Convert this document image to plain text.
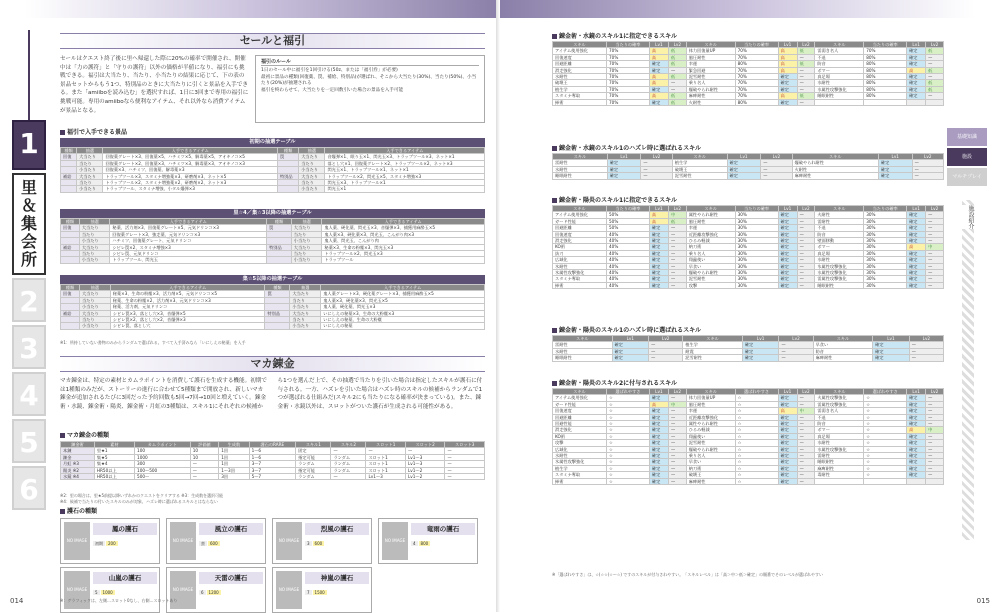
1
里＆集会所
2
3
4
5
6
セールと福引
セールはクエスト終了後に里へ帰還した際に20%の確率で開催され、開催中は「力の護符」と「守りの護符」以外の価格が半値になり、福引にも挑戦できる。福引は大当たり、当たり、小当たりの結果に応じて、下の表の景品セットからもう1つ、特別品のときに大当たりに引くと景品を入手できる。また「amiiboを読み込む」を選択すれば、1日に3回まで専用の福引に挑戦可能。専用のamiiboなら便利なアイテム、それ以外なら消費アイテムが景品となる。
福引のルール
1日のセール中に福引を1回引ける(50z、または「福引券」が必要)
最初に景品の種類(回復薬、罠、補給、特別品)が選ばれ、そこから大当たり(30%)、当たり(50%)、小当たり(20%)が抽選される
福引を終わらせて、大当たりを一定回数引いた場合の景品を入手可能
福引で入手できる景品
初期の抽選テーブル
種類	抽選	入手できるアイテム	種類	抽選	入手できるアイテム
回復	大当たり	回復薬グレート×3、回復薬×5、ハチミツ×5、解毒薬×5、アオキノコ×5	罠	大当たり	音爆弾×1、眠り玉×1、閃光玉×3、トラップツール×3、ネット×1
	当たり	回復薬グレート×2、回復薬×3、ハチミツ×3、解毒薬×3、アオキノコ×3		当たり	落とし穴×1、回復薬グレート×2、トラップツール×2、ネット×3
	小当たり	回復薬×3、ハチミツ、回復薬、解毒薬×3		小当たり	閃光玉×1、トラップツール×1、ネット×1
補給	大当たり	トラップツール×3、スタミナ増強薬×3、研磨剤×3、ネット×5	特別品	大当たり	トラップツール×2、閃光玉×5、スタミナ増強×3
	当たり	トラップツール×2、スタミナ増強薬×2、研磨剤×2、ネット×3		当たり	閃光玉×3、トラップツール×1
	小当たり	トラップツール、スタミナ増強、小タル爆弾×3		小当たり	閃光玉×1
里☆4／集☆3以降の抽選テーブル
種類	抽選	入手できるアイテム	種類	抽選	入手できるアイテム
回復	大当たり	秘薬、活力剤×3、回復薬グレート×5、元気ドリンコ×3	罠	大当たり	鬼人薬、硬化薬、閃光玉×3、音爆弾×3、捕獲用麻酔玉×5
	当たり	回復薬グレート×3、強走薬、元気ドリンコ×3		当たり	鬼人薬×3、硬化薬×3、閃光玉、こんがり肉×3
	小当たり	ハチミツ、回復薬グレート、元気ドリンコ		小当たり	鬼人薬、閃光玉、こんがり肉
補給	大当たり	シビレ罠×2、スタミナ増強×3	特別品	大当たり	秘薬×3、生命の粉塵×3、閃光玉×3
	当たり	シビレ罠、元気ドリンコ		当たり	トラップツール×2、閃光玉×3
	小当たり	トラップツール、閃光玉		小当たり	トラップツール
集☆5以降の抽選テーブル
種類	抽選	入手できるアイテム	種類	抽選	入手できるアイテム
回復	大当たり	秘薬×3、生命の粉塵×3、活力剤×5、元気ドリンコ×5	罠	大当たり	鬼人薬グレート×3、硬化薬グレート×3、捕獲用麻酔玉×5
	当たり	秘薬、生命の粉塵×2、活力剤×3、元気ドリンコ×3		当たり	鬼人薬×3、硬化薬×3、閃光玉×5
	小当たり	秘薬、活力剤、元気ドリンコ		小当たり	鬼人薬、硬化薬、閃光玉×3
補給	大当たり	シビレ罠×3、落とし穴×3、音爆弾×5	特別品	大当たり	いにしえの秘薬×3、生命の大粉塵×3
	当たり	シビレ罠×2、落とし穴×2、音爆弾×3		当たり	いにしえの秘薬、生命の大粉塵
	小当たり	シビレ罠、落とし穴		小当たり	いにしえの秘薬
※1：所持していない書物のみからランダムで選ばれる。すべて入手済みなら「いにしえの秘薬」を入手
マカ錬金
マカ錬金は、特定の素材とカムラポイントを消費して護石を生成する機能。初期では1種類のみだが、ストーリーの進行に合わせて5種類まで開放され、新しいマカ錬金が追加されるたびに3回だった予約回数も5回→7回→10回と増えていく。錬金術・水鏡、錬金術・陽炎、錬金術・月虹の3種類は、スキル1にそれぞれの候補から1つを選んだ上で、その抽選で当たりを引いた場合は指定したスキルが護石に付与される。一方、ハズレを引いた場合はハズレ時のスキルの候補からランダムで1つが選ばれる仕組みだ(スキル2にも当たりになる確率が決まっている)。また、錬金術・水鏡以外は、スロットがついた護石が生成される可能性がある。
マカ錬金の種類
錬金術	素材	カムラポイント	評価値	生成数	護石のRARE	スキル1	スキル2	スロット1	スロット2	スロット3
本錬	里★1	100	10	1回	1〜6	固定	—	—	—	—
錬金	集★5	1000	10	1回	1〜6	指定可能	ランダム	スロット1	Lv1〜3	—
月虹 ※3	集★4	300	—	1回	3〜7	ランダム	ランダム	スロット1	Lv1〜3	—
陽炎 ※2	HR50以上	100〜500	—	1〜3回	3〜7	指定可能	ランダム	スロット1	Lv1〜2	—
水鏡 ※4	HR50以上	500〜	—	3回	5〜7	ランダム	—	Lv1〜3	Lv1〜2	—
※2：里の場合は、里★5前提以降いずれかのクエストをクリアする ※3：生成数を選択可能
※4：候補で当たりの付いたスキルのみが対象、ハズレ時に選ばれるスキルとはならない
護石の種類
NO IMAGE
鳳の護石
初期 200
NO IMAGE
風立の護石
蛮 600
NO IMAGE
烈風の護石
3 600
NO IMAGE
竜雨の護石
4 800
NO IMAGE
山嵐の護石
5 1000
NO IMAGE
天雷の護石
6 1200
NO IMAGE
神嵐の護石
7 1500
※：グラフィックは、左側…スロット0なし、右側…スロットあり
014
錬金術・水鏡のスキル1に指定できるスキル
スキル	当たりの確率	Lv1	Lv2	スキル	当たりの確率	Lv1	Lv2	スキル	当たりの確率	Lv1	Lv2
アイテム使用強化	70%	高	低	体力回復量UP	70%	高	低	雷弱き名人	70%	確定	低
回復速度	70%	高	低	風圧耐性	70%	高	—	不退	80%	確定	—
回避距離	70%	確定	低	幸運	80%	高	低	防音	80%	確定	—
滑走強化	70%	確定	—	緊急回避	70%	高	—	ボマー	80%	高	低
水耐性	70%	高	低	泥雪耐性	70%	確定	—	真足場	80%	確定	—
破壊王	70%	高	—	乗り名人	70%	確定	—	水耐性	80%	確定	低
植生学	70%	確定	—	爆破やられ耐性	70%	確定	—	水属性攻撃強化	80%	確定	低
スタミナ奪取	70%	高	低	麻痺耐性	70%	高	低	睡眠耐性	80%	確定	—
挿術	70%	確定	低	火耐性	80%	確定	—				
錬金術・水鏡のスキル1のハズレ時に選ばれるスキル
スキル	Lv1	Lv2	スキル	Lv1	Lv2	スキル	Lv1	Lv2
雷耐性	確定	—	植生学	確定	—	爆破やられ耐性	確定	—
水耐性	確定	—	破壊王	確定	—	火耐性	確定	—
睡眠耐性	確定	—	泥雪耐性	確定	—	麻痺耐性	確定	—
錬金術・陽炎のスキル1に指定できるスキル
スキル	当たりの確率	Lv1	Lv2	スキル	当たりの確率	Lv1	Lv2	スキル	当たりの確率	Lv1	Lv2
アイテム使用強化	50%	高	中	属性やられ耐性	30%	確定	—	火耐性	30%	確定	—
ガード性能	50%	高	低	風圧耐性	30%	確定	—	雷耐性	30%	確定	—
回避距離	50%	確定	—	幸運	30%	確定	—	不退	30%	確定	—
回復速度	40%	確定	—	近距離攻撃強化	30%	確定	—	防音	30%	確定	—
滑走強化	40%	確定	—	ひるみ軽減	30%	確定	—	壁面移動	30%	確定	—
KO術	40%	確定	—	納刀術	30%	確定	—	ボマー	30%	高	中
抜刀	40%	確定	—	乗り名人	30%	確定	—	真足場	30%	確定	—
広域化	40%	確定	—	翔蟲使い	30%	確定	—	水耐性	30%	確定	—
氷耐性	40%	確定	—	早食い	30%	確定	—	氷属性攻撃強化	30%	確定	—
氷属性攻撃強化	40%	確定	—	爆破やられ耐性	30%	確定	—	水属性攻撃強化	30%	確定	—
スタミナ奪取	40%	確定	—	泥雪耐性	30%	確定	—	雷属性攻撃強化	30%	確定	—
挿術	40%	確定	—	攻撃	30%	確定	—	睡眠耐性	30%	確定	—
錬金術・陽炎のスキル1のハズレ時に選ばれるスキル
スキル	Lv1	Lv2	スキル	Lv1	Lv2	スキル	Lv1	Lv2
雷耐性	確定	—	植生学	確定	—	早食い	確定	—
水耐性	確定	—	耐震	確定	—	防音	確定	—
睡眠耐性	確定	—	泥雪耐性	確定	—	麻痺耐性	確定	—
錬金術・陽炎のスキル2に付与されるスキル
スキル	選ばれやすさ	Lv1	Lv2	スキル	選ばれやすさ	Lv1	Lv2	スキル	選ばれやすさ	Lv1	Lv2
アイテム使用強化	☆	確定	—	体力回復量UP	☆	確定	—	火属性攻撃強化	☆	確定	—
ガード性能	☆	高	中	風圧耐性	☆	確定	—	雷属性攻撃強化	☆	確定	—
回復速度	☆	確定	—	幸運	☆	高	中	雷弱き名人	☆	確定	—
回避距離	☆	確定	—	近距離攻撃強化	☆	確定	—	不退	☆	確定	—
回避性能	☆	確定	—	属性やられ耐性	☆	確定	—	防音	☆	確定	—
滑走強化	☆	確定	—	ひるみ軽減	☆	確定	—	ボマー	☆	高	中
KO術	☆	確定	—	翔蟲使い	☆	確定	—	真足場	☆	確定	—
攻撃	☆	確定	—	泥雪耐性	☆	確定	—	水耐性	☆	確定	—
広域化	☆	確定	—	爆破やられ耐性	☆	確定	—	水属性攻撃強化	☆	確定	—
水耐性	☆	確定	—	乗り名人	☆	確定	—	雷耐性	☆	確定	—
氷属性攻撃強化	☆	確定	—	早食い	☆	確定	—	睡眠耐性	☆	確定	—
植生学	☆	確定	—	納刀術	☆	確定	—	麻痺耐性	☆	確定	—
スタミナ奪取	☆	確定	—	破壊王	☆	確定	—	毒耐性	☆	確定	—
挿術	☆	確定	—	麻痺耐性	☆	確定	—				
※「選ばれやすさ」は、☆(☆☆(☆〜☆) ですのスキルが付与されやすい。「スキルレベル」は「高＞中＞低＞確定」の順番でそのレベルが選ばれやすい
015
基礎知識
施設
マルチプレイ
施設紹介
